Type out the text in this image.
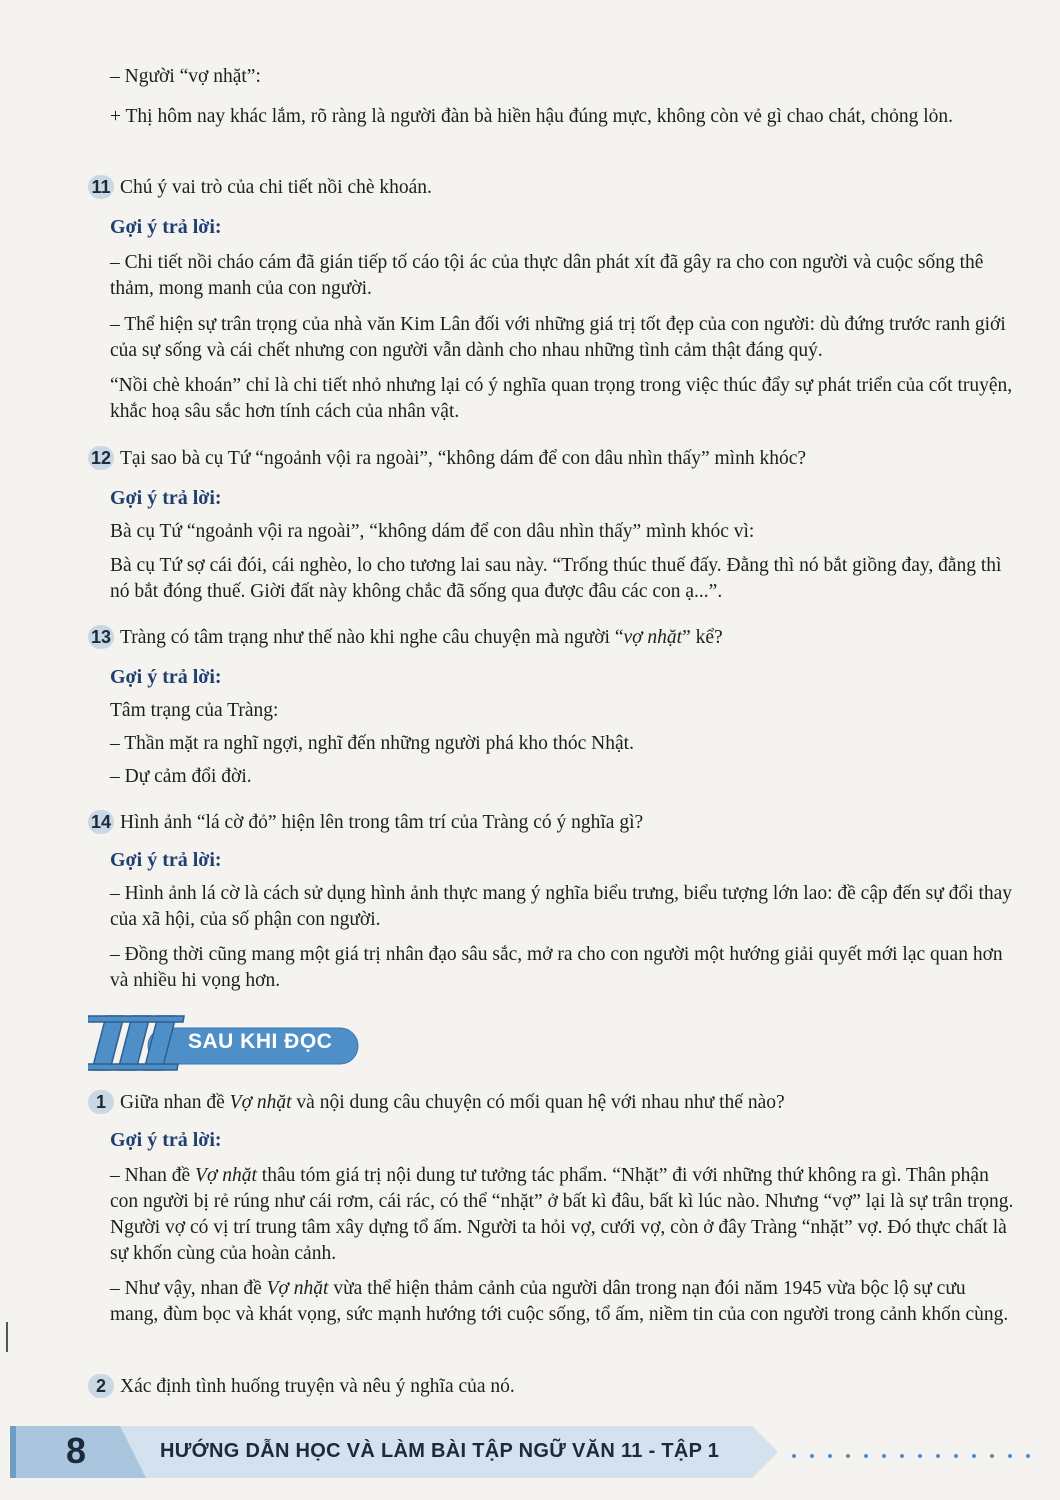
– Người “vợ nhặt”:

+ Thị hôm nay khác lắm, rõ ràng là người đàn bà hiền hậu đúng mực, không còn vẻ gì chao chát, chỏng lỏn.

11 Chú ý vai trò của chi tiết nồi chè khoán.

Gợi ý trả lời:

– Chi tiết nồi cháo cám đã gián tiếp tố cáo tội ác của thực dân phát xít đã gây ra cho con người và cuộc sống thê thảm, mong manh của con người.

– Thể hiện sự trân trọng của nhà văn Kim Lân đối với những giá trị tốt đẹp của con người: dù đứng trước ranh giới của sự sống và cái chết nhưng con người vẫn dành cho nhau những tình cảm thật đáng quý.

“Nồi chè khoán” chỉ là chi tiết nhỏ nhưng lại có ý nghĩa quan trọng trong việc thúc đẩy sự phát triển của cốt truyện, khắc hoạ sâu sắc hơn tính cách của nhân vật.

12 Tại sao bà cụ Tứ “ngoảnh vội ra ngoài”, “không dám để con dâu nhìn thấy” mình khóc?

Gợi ý trả lời:

Bà cụ Tứ “ngoảnh vội ra ngoài”, “không dám để con dâu nhìn thấy” mình khóc vì:

Bà cụ Tứ sợ cái đói, cái nghèo, lo cho tương lai sau này. “Trống thúc thuế đấy. Đằng thì nó bắt giồng đay, đằng thì nó bắt đóng thuế. Giời đất này không chắc đã sống qua được đâu các con ạ...”.

13 Tràng có tâm trạng như thế nào khi nghe câu chuyện mà người “vợ nhặt” kể?

Gợi ý trả lời:

Tâm trạng của Tràng:

– Thần mặt ra nghĩ ngợi, nghĩ đến những người phá kho thóc Nhật.

– Dự cảm đổi đời.

14 Hình ảnh “lá cờ đỏ” hiện lên trong tâm trí của Tràng có ý nghĩa gì?

Gợi ý trả lời:

– Hình ảnh lá cờ là cách sử dụng hình ảnh thực mang ý nghĩa biểu trưng, biểu tượng lớn lao: đề cập đến sự đổi thay của xã hội, của số phận con người.

– Đồng thời cũng mang một giá trị nhân đạo sâu sắc, mở ra cho con người một hướng giải quyết mới lạc quan hơn và nhiều hi vọng hơn.

SAU KHI ĐỌC

1 Giữa nhan đề Vợ nhặt và nội dung câu chuyện có mối quan hệ với nhau như thế nào?

Gợi ý trả lời:

– Nhan đề Vợ nhặt thâu tóm giá trị nội dung tư tưởng tác phẩm. “Nhặt” đi với những thứ không ra gì. Thân phận con người bị rẻ rúng như cái rơm, cái rác, có thể “nhặt” ở bất kì đâu, bất kì lúc nào. Nhưng “vợ” lại là sự trân trọng. Người vợ có vị trí trung tâm xây dựng tổ ấm. Người ta hỏi vợ, cưới vợ, còn ở đây Tràng “nhặt” vợ. Đó thực chất là sự khốn cùng của hoàn cảnh.

– Như vậy, nhan đề Vợ nhặt vừa thể hiện thảm cảnh của người dân trong nạn đói năm 1945 vừa bộc lộ sự cưu mang, đùm bọc và khát vọng, sức mạnh hướng tới cuộc sống, tổ ấm, niềm tin của con người trong cảnh khốn cùng.

2 Xác định tình huống truyện và nêu ý nghĩa của nó.

8	HƯỚNG DẪN HỌC VÀ LÀM BÀI TẬP NGỮ VĂN 11 - TẬP 1
